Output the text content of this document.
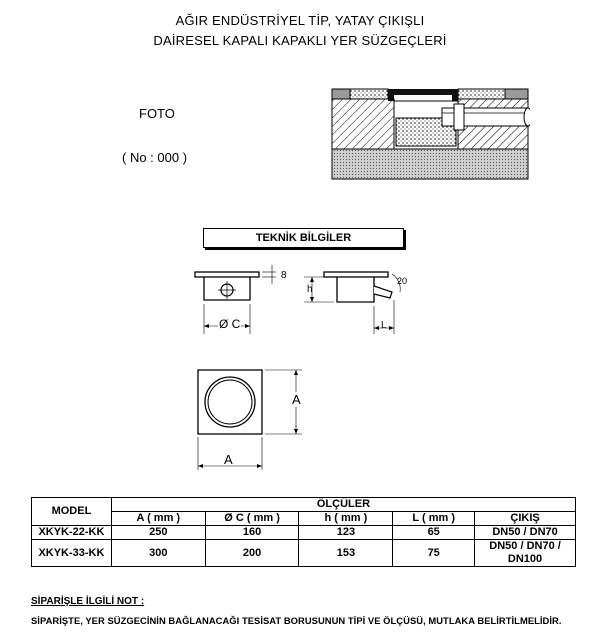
AĞIR ENDÜSTRİYEL TİP, YATAY ÇIKIŞLI
DAİRESEL KAPALI KAPAKLI YER SÜZGEÇLERİ
FOTO
( No : 000 )
TEKNİK BİLGİLER
8
Ø C
h
20
L
A
A
MODEL	ÖLÇÜLER				
	A ( mm )	Ø C ( mm )	h ( mm )	L ( mm )	ÇIKIŞ
XKYK-22-KK	250	160	123	65	DN50 / DN70
XKYK-33-KK	300	200	153	75	DN50 / DN70 / DN100
SİPARİŞLE İLGİLİ NOT :
SİPARİŞTE, YER SÜZGECİNİN BAĞLANACAĞI TESİSAT BORUSUNUN TİPİ VE ÖLÇÜSÜ, MUTLAKA BELİRTİLMELİDİR.
